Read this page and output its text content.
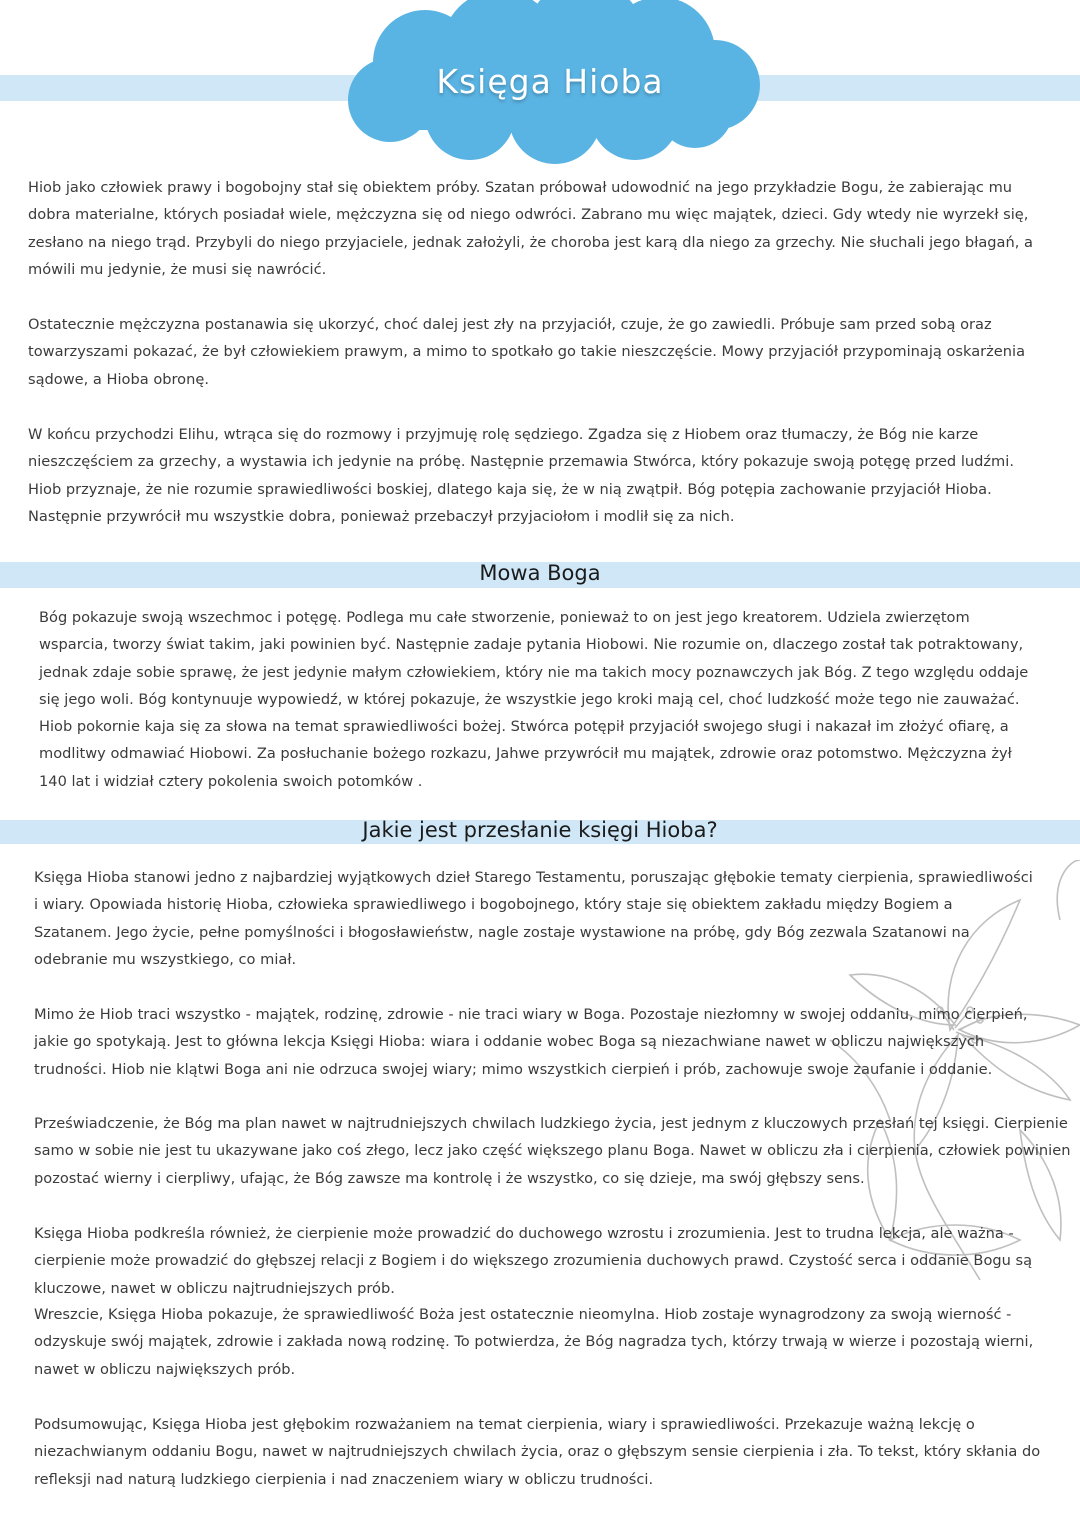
Księga Hioba

Hiob jako człowiek prawy i bogobojny stał się obiektem próby. Szatan próbował udowodnić na jego przykładzie Bogu, że zabierając mu dobra materialne, których posiadał wiele, mężczyzna się od niego odwróci. Zabrano mu więc majątek, dzieci. Gdy wtedy nie wyrzekł się, zesłano na niego trąd. Przybyli do niego przyjaciele, jednak założyli, że choroba jest karą dla niego za grzechy. Nie słuchali jego błagań, a mówili mu jedynie, że musi się nawrócić.

Ostatecznie mężczyzna postanawia się ukorzyć, choć dalej jest zły na przyjaciół, czuje, że go zawiedli. Próbuje sam przed sobą oraz towarzyszami pokazać, że był człowiekiem prawym, a mimo to spotkało go takie nieszczęście. Mowy przyjaciół przypominają oskarżenia sądowe, a Hioba obronę.

W końcu przychodzi Elihu, wtrąca się do rozmowy i przyjmuję rolę sędziego. Zgadza się z Hiobem oraz tłumaczy, że Bóg nie karze nieszczęściem za grzechy, a wystawia ich jedynie na próbę. Następnie przemawia Stwórca, który pokazuje swoją potęgę przed ludźmi. Hiob przyznaje, że nie rozumie sprawiedliwości boskiej, dlatego kaja się, że w nią zwątpił. Bóg potępia zachowanie przyjaciół Hioba. Następnie przywrócił mu wszystkie dobra, ponieważ przebaczył przyjaciołom i modlił się za nich.

Mowa Boga

Bóg pokazuje swoją wszechmoc i potęgę. Podlega mu całe stworzenie, ponieważ to on jest jego kreatorem. Udziela zwierzętom wsparcia, tworzy świat takim, jaki powinien być. Następnie zadaje pytania Hiobowi. Nie rozumie on, dlaczego został tak potraktowany, jednak zdaje sobie sprawę, że jest jedynie małym człowiekiem, który nie ma takich mocy poznawczych jak Bóg. Z tego względu oddaje się jego woli. Bóg kontynuuje wypowiedź, w której pokazuje, że wszystkie jego kroki mają cel, choć ludzkość może tego nie zauważać. Hiob pokornie kaja się za słowa na temat sprawiedliwości bożej. Stwórca potępił przyjaciół swojego sługi i nakazał im złożyć ofiarę, a modlitwy odmawiać Hiobowi. Za posłuchanie bożego rozkazu, Jahwe przywrócił mu majątek, zdrowie oraz potomstwo. Mężczyzna żył 140 lat i widział cztery pokolenia swoich potomków .

Jakie jest przesłanie księgi Hioba?

Księga Hioba stanowi jedno z najbardziej wyjątkowych dzieł Starego Testamentu, poruszając głębokie tematy cierpienia, sprawiedliwości i wiary. Opowiada historię Hioba, człowieka sprawiedliwego i bogobojnego, który staje się obiektem zakładu między Bogiem a Szatanem. Jego życie, pełne pomyślności i błogosławieństw, nagle zostaje wystawione na próbę, gdy Bóg zezwala Szatanowi na odebranie mu wszystkiego, co miał.

Mimo że Hiob traci wszystko - majątek, rodzinę, zdrowie - nie traci wiary w Boga. Pozostaje niezłomny w swojej oddaniu, mimo cierpień, jakie go spotykają. Jest to główna lekcja Księgi Hioba: wiara i oddanie wobec Boga są niezachwiane nawet w obliczu największych trudności. Hiob nie klątwi Boga ani nie odrzuca swojej wiary; mimo wszystkich cierpień i prób, zachowuje swoje zaufanie i oddanie.

Przeświadczenie, że Bóg ma plan nawet w najtrudniejszych chwilach ludzkiego życia, jest jednym z kluczowych przesłań tej księgi. Cierpienie samo w sobie nie jest tu ukazywane jako coś złego, lecz jako część większego planu Boga. Nawet w obliczu zła i cierpienia, człowiek powinien pozostać wierny i cierpliwy, ufając, że Bóg zawsze ma kontrolę i że wszystko, co się dzieje, ma swój głębszy sens.

Księga Hioba podkreśla również, że cierpienie może prowadzić do duchowego wzrostu i zrozumienia. Jest to trudna lekcja, ale ważna - cierpienie może prowadzić do głębszej relacji z Bogiem i do większego zrozumienia duchowych prawd. Czystość serca i oddanie Bogu są kluczowe, nawet w obliczu najtrudniejszych prób.

Wreszcie, Księga Hioba pokazuje, że sprawiedliwość Boża jest ostatecznie nieomylna. Hiob zostaje wynagrodzony za swoją wierność - odzyskuje swój majątek, zdrowie i zakłada nową rodzinę. To potwierdza, że Bóg nagradza tych, którzy trwają w wierze i pozostają wierni, nawet w obliczu największych prób.

Podsumowując, Księga Hioba jest głębokim rozważaniem na temat cierpienia, wiary i sprawiedliwości. Przekazuje ważną lekcję o niezachwianym oddaniu Bogu, nawet w najtrudniejszych chwilach życia, oraz o głębszym sensie cierpienia i zła. To tekst, który skłania do refleksji nad naturą ludzkiego cierpienia i nad znaczeniem wiary w obliczu trudności.
